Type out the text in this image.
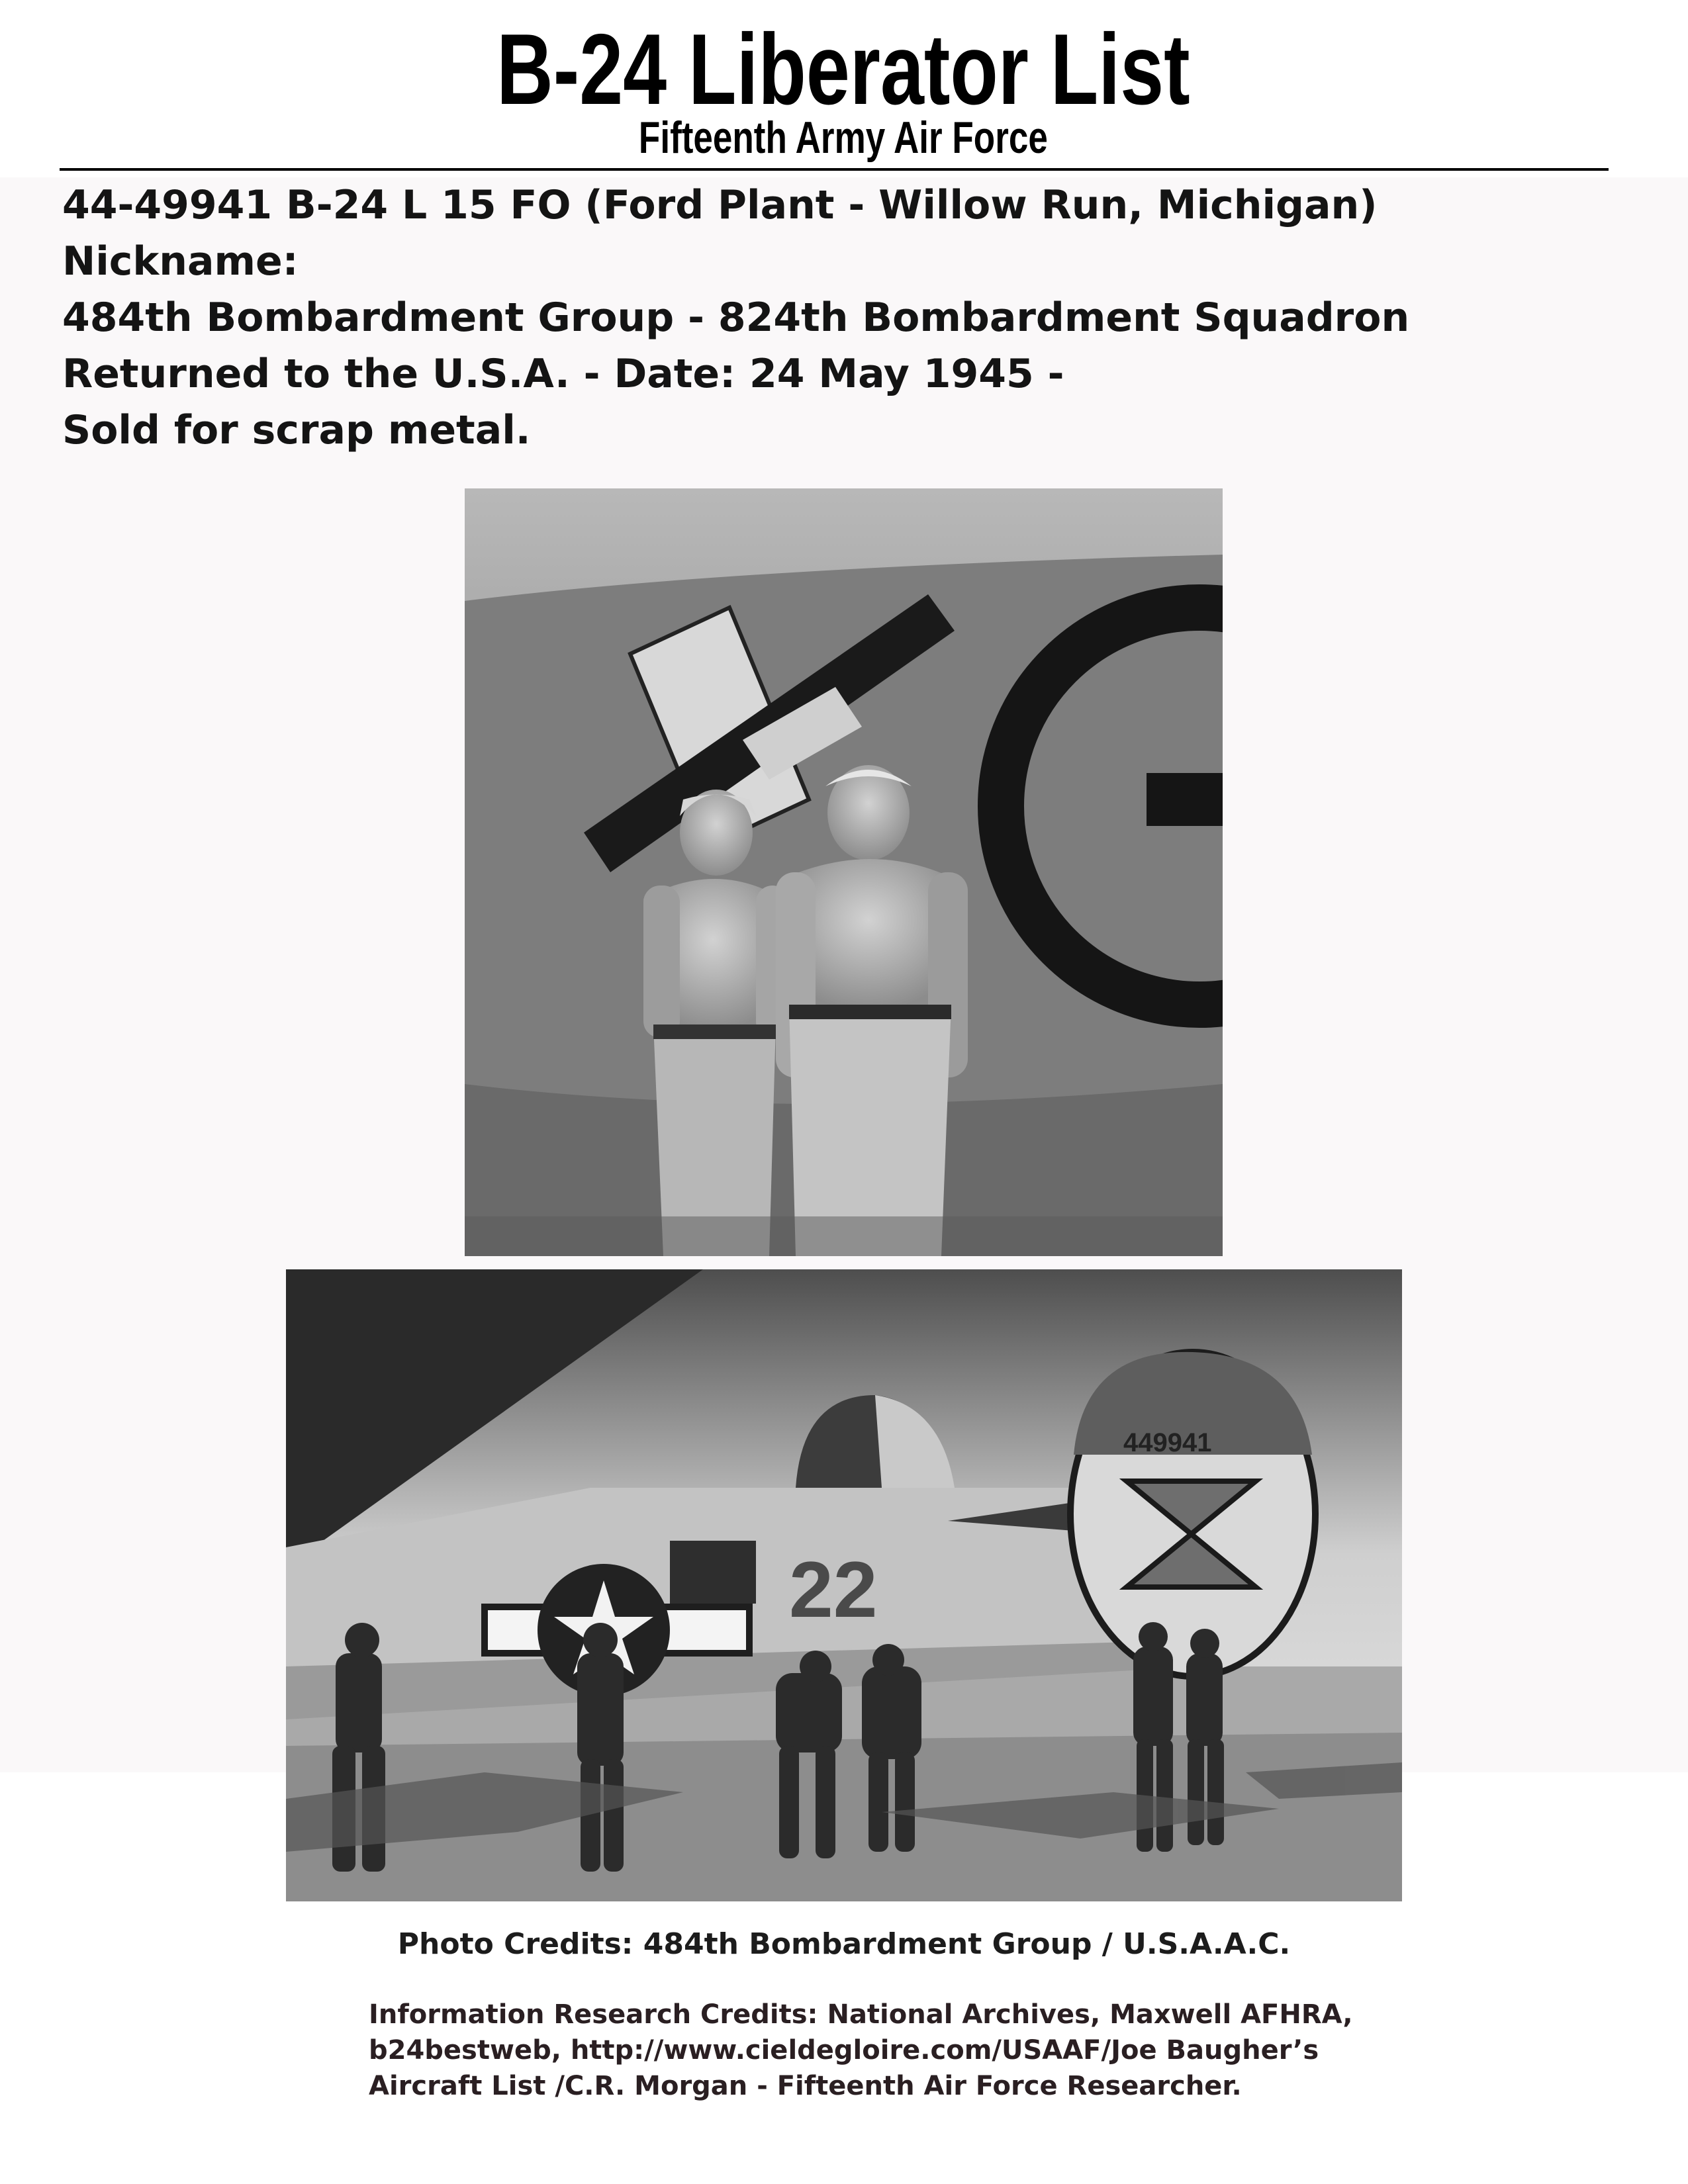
B-24 Liberator List
Fifteenth Army Air Force
44-49941 B-24 L 15 FO (Ford Plant - Willow Run, Michigan)
Nickname:
484th Bombardment Group - 824th Bombardment Squadron
Returned to the U.S.A. - Date: 24 May 1945 -
Sold for scrap metal.
22
449941
Photo Credits: 484th Bombardment Group / U.S.A.A.C.
Information Research Credits: National Archives, Maxwell AFHRA,
b24bestweb, http://www.cieldegloire.com/USAAF/Joe Baugher’s
Aircraft List /C.R. Morgan - Fifteenth Air Force Researcher.
